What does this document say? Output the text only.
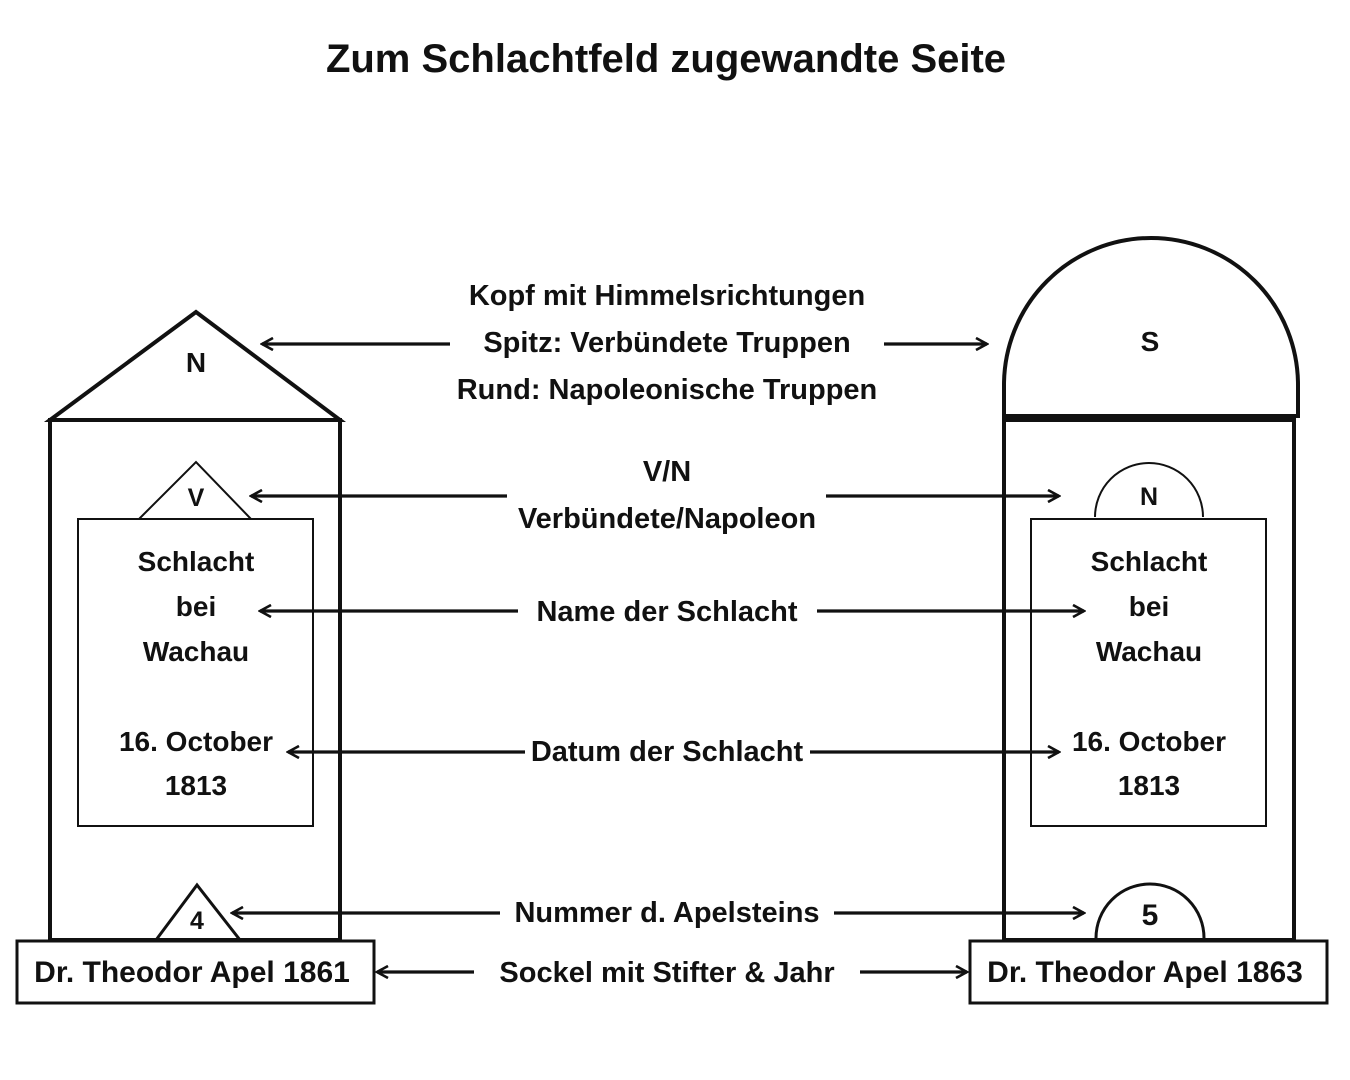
Zum Schlachtfeld zugewandte Seite
N
V
Schlacht
bei
Wachau
16. October
1813
4
Dr. Theodor Apel 1861
S
N
Schlacht
bei
Wachau
16. October
1813
5
Dr. Theodor Apel 1863
Kopf mit Himmelsrichtungen
Spitz: Verbündete Truppen
Rund: Napoleonische Truppen
V/N
Verbündete/Napoleon
Name der Schlacht
Datum der Schlacht
Nummer d. Apelsteins
Sockel mit Stifter & Jahr
